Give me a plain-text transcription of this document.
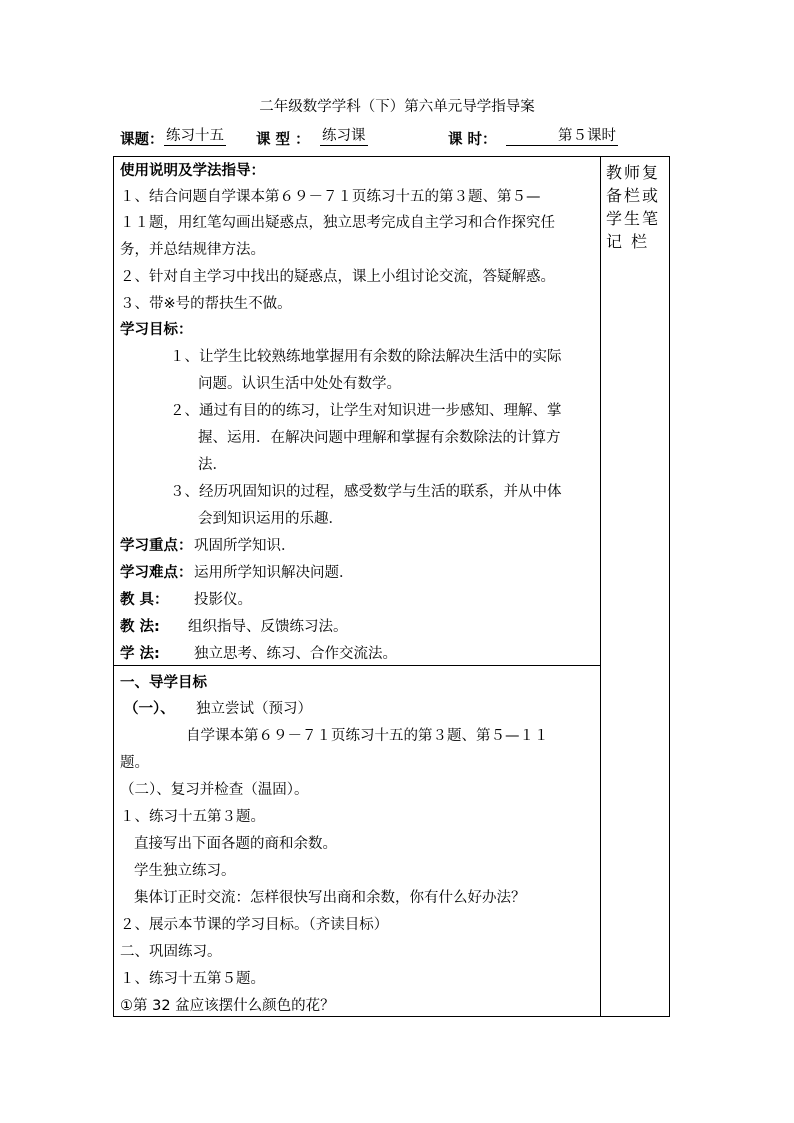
二年级数学学科（下）第六单元导学指导案
课题： 练习十五 课 型 ： 练习课	课 时：	第５课时
教师复
备栏或
学生笔
记 栏
使用说明及学法指导：
１、结合问题自学课本第６９－７１页练习十五的第３题、第５—
１１题，用红笔勾画出疑惑点，独立思考完成自主学习和合作探究任
务，并总结规律方法。
２、针对自主学习中找出的疑惑点，课上小组讨论交流，答疑解惑。
３、带※号的帮扶生不做。
学习目标：
１、让学生比较熟练地掌握用有余数的除法解决生活中的实际
问题。认识生活中处处有数学。
２、通过有目的的练习，让学生对知识进一步感知、理解、掌
握、运用．在解决问题中理解和掌握有余数除法的计算方
法．
３、经历巩固知识的过程，感受数学与生活的联系，并从中体
会到知识运用的乐趣．
学习重点： 巩固所学知识．
学习难点： 运用所学知识解决问题．
教 具： 投影仪。
教 法: 组织指导、反馈练习法。
学 法: 独立思考、练习、合作交流法。
一、导学目标
（一）、 独立尝试（预习）
自学课本第６９－７１页练习十五的第３题、第５—１１
题。
（二）、复习并检查（温固）。
１、练习十五第３题。
直接写出下面各题的商和余数。
学生独立练习。
集体订正时交流：怎样很快写出商和余数，你有什么好办法？
２、展示本节课的学习目标。（齐读目标）
二、巩固练习。
１、练习十五第５题。
①第 32 盆应该摆什么颜色的花？
